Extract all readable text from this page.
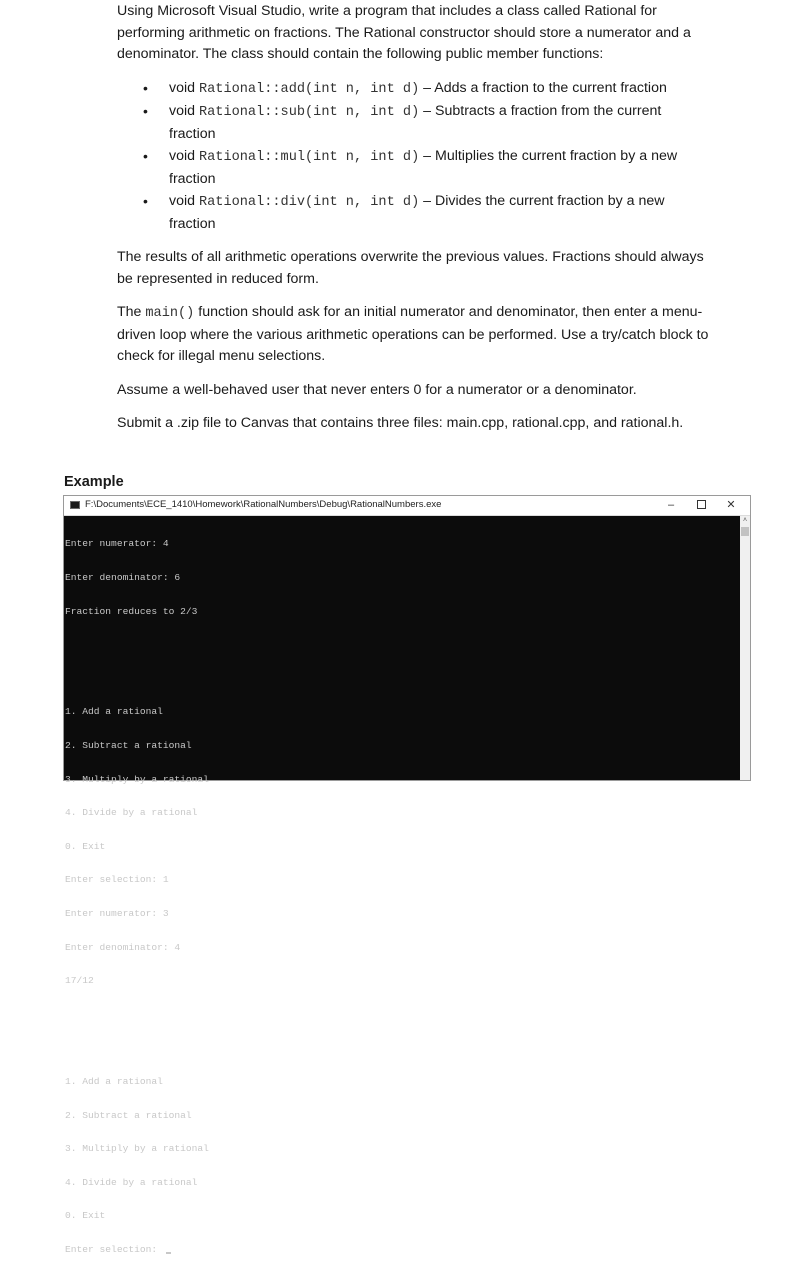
Using Microsoft Visual Studio, write a program that includes a class called Rational for
performing arithmetic on fractions. The Rational constructor should store a numerator and a
denominator. The class should contain the following public member functions:

• void Rational::add(int n, int d) – Adds a fraction to the current fraction
• void Rational::sub(int n, int d) – Subtracts a fraction from the current
fraction
• void Rational::mul(int n, int d) – Multiplies the current fraction by a new
fraction
• void Rational::div(int n, int d) – Divides the current fraction by a new
fraction

The results of all arithmetic operations overwrite the previous values. Fractions should always
be represented in reduced form.

The main() function should ask for an initial numerator and denominator, then enter a menu-
driven loop where the various arithmetic operations can be performed. Use a try/catch block to
check for illegal menu selections.

Assume a well-behaved user that never enters 0 for a numerator or a denominator.

Submit a .zip file to Canvas that contains three files: main.cpp, rational.cpp, and rational.h.

Example
F:\Documents\ECE_1410\Homework\RationalNumbers\Debug\RationalNumbers.exe	–	✕

Enter numerator: 4

Enter denominator: 6

Fraction reduces to 2/3

1. Add a rational

2. Subtract a rational

3. Multiply by a rational

4. Divide by a rational

0. Exit

Enter selection: 1

Enter numerator: 3

Enter denominator: 4

17/12

1. Add a rational

2. Subtract a rational

3. Multiply by a rational

4. Divide by a rational

0. Exit

Enter selection:

˄
